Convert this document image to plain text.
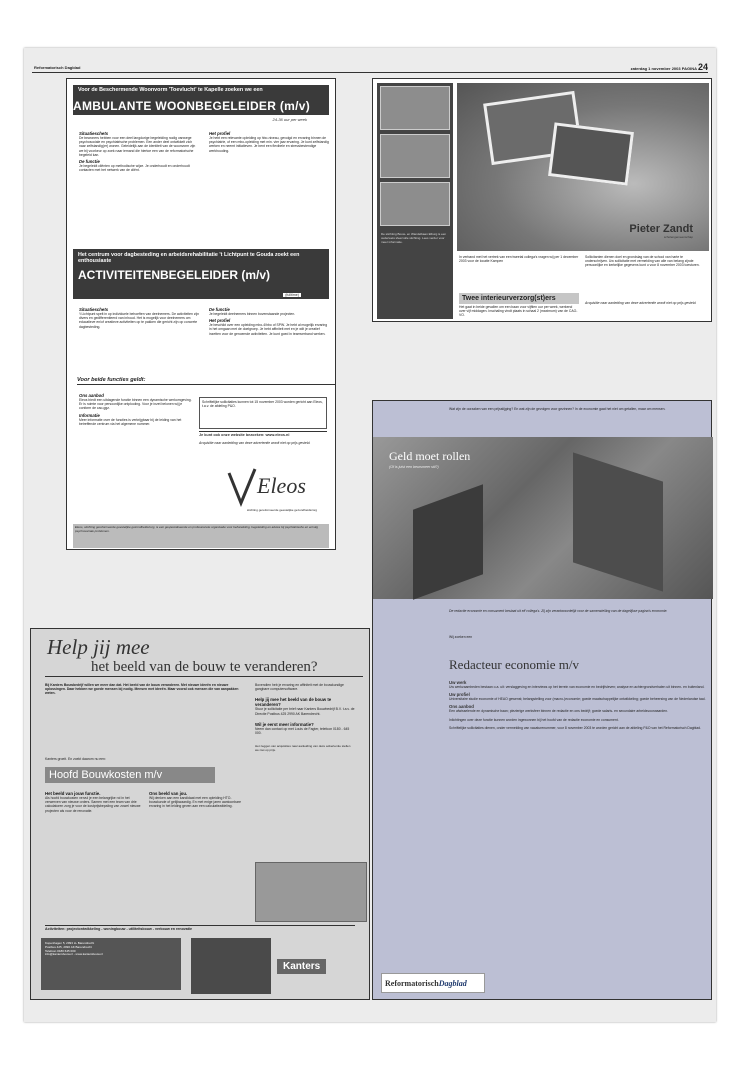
Reformatorisch Dagblad	zaterdag 1 november 2003 PAGINA 24
Voor de Beschermende Woonvorm 'Toevlucht' te Kapelle zoeken we een
AMBULANTE WOONBEGELEIDER (m/v)
24-36 uur per week
Situatieschets
De bewoners hebben voor een deel langdurige begeleiding nodig vanwege psychosociale en psychiatrische problemen. Een ander deel ontwikkelt zich naar zelfstandig(er) wonen. Geleidelijk aan de identiteit van de woonvorm zijn we bij voorkeur op zoek naar iemand die hiertoe een van de reformatorische begeleid kan.
De functie
Je begeleidt cliënten op methodische wijze. Je onderhoudt en onderhoudt contacten met het netwerk van de cliënt.
Het profiel
Je hebt een relevante opleiding op hbo-niveau, gevolgd en ervaring binnen de psychiatrie, of een mbo-opleiding met min. vier jaar ervaring. Je kunt zelfstandig werken en neemt initiatieven. Je bent een flexibele en stressbestendige werkhouding.
Het centrum voor dagbesteding en arbeidsrehabilitatie 't Lichtpunt te Gouda zoekt een enthousiaste
ACTIVITEITENBEGELEIDER (m/v)
(fulltime)
Situatieschets
't Lichtpunt spelt in op individuele behoeften van deelnemers. De activiteiten zijn divers en gedifferentieerd van inhoud. Het is mogelijk voor deelnemers om educatieve en/of creatieve activiteiten op te pakken die gericht zijn op concrete dagbesteding.
De functie
Je begeleidt deelnemers binnen bovenstaande projecten.
Het profiel
Je beschikt over een opleiding mbo-4/hbo of SPW. Je hebt al mogelijk ervaring in het omgaan met de doelgroep. Je hebt affiniteit met en je wilt je creatief inzetten voor de genoemde activiteiten. Je kunt goed in teamverband werken.
Voor beide functies geldt:
Ons aanbod
Eleos biedt een uitdagende functie binnen een dynamische werkomgeving. Er is ruimte voor persoonlijke ontplooiing. Voor je inzet belonen wij je conform de cao-ggz.
Informatie
Meer informatie over de functies is verkrijgbaar bij de leiding van het betreffende centrum via het algemene nummer.
Schriftelijke sollicitaties kunnen tot 15 november 2003 worden gericht aan Eleos, t.a.v. de afdeling P&O.
Je kunt ook onze website bezoeken: www.eleos.nl
Acquisitie naar aanleiding van deze advertentie wordt niet op prijs gesteld.
Eleos
stichting gereformeerde geestelijke gezondheidszorg
Eleos, stichting gereformeerde geestelijke gezondheidszorg, is een gespecialiseerde en professionele organisatie voor behandeling, begeleiding en advies bij psychiatrische en ernstig psychosociale problemen.
De stichting Bouw- en Wandelbaan Elburg is een ouderwets sfeervolle stichting. Lees verder voor meer informatie.
Pieter Zandt
scholengemeenschap
In verband met het vertrek van een tweetal collega's vragen wij per 1 december 2003 voor de locatie Kampen
Twee interieurverzorg(st)ers
Het gaat in beide gevallen om een baan voor vijftien uur per week, werkend over vijf middagen. Inschaling vindt plaats in schaal 2 (maximum) van de CAO-VO.
Sollicitanten dienen doel en grondslag van de school van harte te onderschrijven. Uw sollicitatie met vermelding van alle van belang zijnde persoonlijke en kerkelijke gegevens kunt u voor 8 november 2003 toesturen.
Acquisitie naar aanleiding van deze advertentie wordt niet op prijs gesteld.
Wat zijn de oorzaken van een prijsstijging? En wat zijn de gevolgen voor gezinnen? In de economie gaat het niet om getallen, maar om mensen.
Geld moet rollen
(Of is juist een beursmeer stil?)
De redactie economie en consument bestaat uit elf collega's. Zij zijn verantwoordelijk voor de samenstelling van de dagelijkse pagina's economie.
Wij zoeken een
Redacteur economie m/v
Uw werk
Uw werkzaamheden bestaan o.a. uit: verslaggeving en interviews op het terrein van economie en bedrijfsleven; analyse en achtergrondverhalen uit binnen- en buitenland.
Uw profiel
Universitaire studie economie of HEAO gewenst; belangstelling voor (macro-)economie; goede maatschappelijke ontwikkeling; goede beheersing van de Nederlandse taal.
Ons aanbod
Een afwisselende en dynamische baan; plezierige werksfeer binnen de redactie en ons bedrijf; goede salaris- en secundaire arbeidsvoorwaarden.
Inlichtingen over deze functie kunnen worden ingewonnen bij het hoofd van de redactie economie en consument.
Schriftelijke sollicitaties dienen, onder vermelding van vacaturenummer, voor 8 november 2003 te worden gericht aan de afdeling P&O van het Reformatorisch Dagblad.
ReformatorischDagblad
Help jij mee
het beeld van de bouw te veranderen?
Bij Kanters Bouwbedrijf willen we meer dan dat. Het beeld van de bouw veranderen. Met nieuwe ideeën en nieuwe oplossingen. Daar hebben we goede mensen bij nodig. Mensen met ideeën. Maar vooral ook mensen die van aanpakken weten.
Kanters groeit. En zoekt daarom nu een:
Hoofd Bouwkosten m/v
Het beeld van jouw functie.
Als hoofd bouwkosten vervul je een belangrijke rol in het verwerven van nieuwe orders. Samen met een team van drie calculatoren zorg je voor de kostprijsbepaling van zowel nieuwe projecten als voor de renovatie.
Ons beeld van jou.
Wij denken aan een kandidaat met een opleiding HTO-bouwkunde of gelijkwaardig. En met enige jaren aantoonbare ervaring in het leiding geven aan een calculatieafdeling.
Bovendien heb je ervaring en affiniteit met de bouwkundige gangbare computersoftware.
Help jij mee het beeld van de bouw te veranderen?
Stuur je sollicitatie per brief naar Kanters Bouwbedrijf B.V. t.a.v. de Directie Postbus 425 2990 AK Barendrecht.
Wil je eerst meer informatie?
Neem dan contact op met Louis de Fagter, telefoon 0180 - 645 000.
Het zeggen van acquisities naar aanleiding van deze advertentie stellen we niet op prijs.
Activiteiten: projectontwikkeling - woningbouw - utiliteitsbouw - verbouw en renovatie
Kopenhagen 5, 2993 LL Barendrecht
Postbus 425, 2990 AK Barendrecht
Telefoon 0180 645 000
info@kantersbouw.nl - www.kantersbouw.nl
Kanters
